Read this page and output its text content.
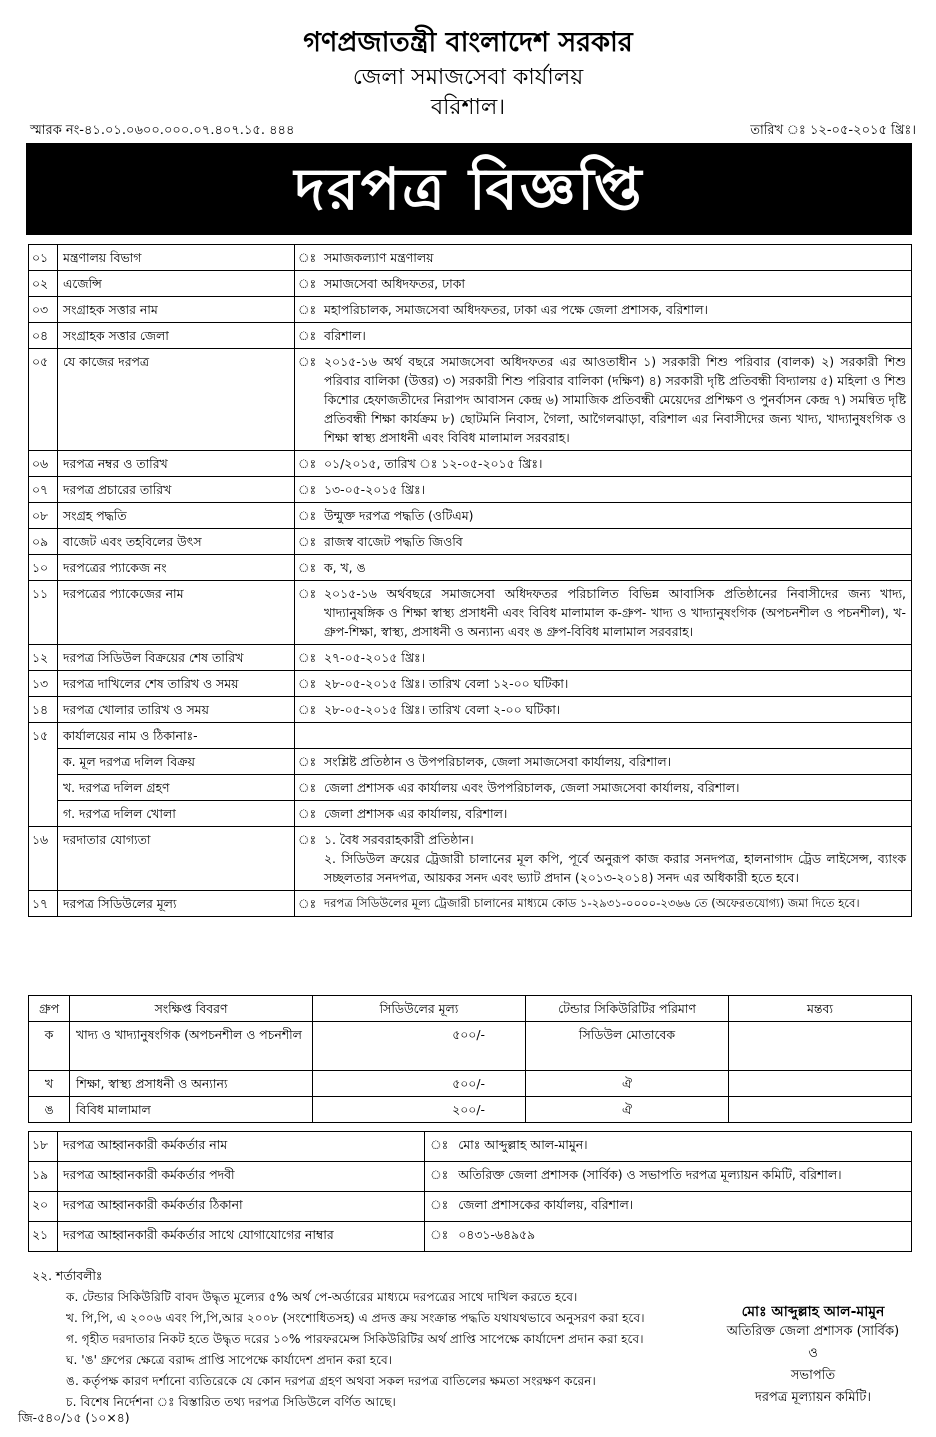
গণপ্রজাতন্ত্রী বাংলাদেশ সরকার
জেলা সমাজসেবা কার্যালয়
বরিশাল।
স্মারক নং-৪১.০১.০৬০০.০০০.০৭.৪০৭.১৫. ৪৪৪	তারিখ ঃ ১২-০৫-২০১৫ খ্রিঃ।
দরপত্র বিজ্ঞপ্তি
০১	মন্ত্রণালয় বিভাগ	ঃ	সমাজকল্যাণ মন্ত্রণালয়
০২	এজেন্সি	ঃ	সমাজসেবা অধিদফতর, ঢাকা
০৩	সংগ্রাহক সত্তার নাম	ঃ	মহাপরিচালক, সমাজসেবা অধিদফতর, ঢাকা এর পক্ষে জেলা প্রশাসক, বরিশাল।
০৪	সংগ্রাহক সত্তার জেলা	ঃ	বরিশাল।
০৫	যে কাজের দরপত্র	ঃ	২০১৫-১৬ অর্থ বছরে সমাজসেবা অধিদফতর এর আওতাধীন ১) সরকারী শিশু পরিবার (বালক) ২) সরকারী শিশু পরিবার বালিকা (উত্তর) ৩) সরকারী শিশু পরিবার বালিকা (দক্ষিণ) ৪) সরকারী দৃষ্টি প্রতিবন্ধী বিদ্যালয় ৫) মহিলা ও শিশু কিশোর হেফাজতীদের নিরাপদ আবাসন কেন্দ্র ৬) সামাজিক প্রতিবন্ধী মেয়েদের প্রশিক্ষণ ও পুনর্বাসন কেন্দ্র ৭) সমন্বিত দৃষ্টি প্রতিবন্ধী শিক্ষা কার্যক্রম ৮) ছোটমনি নিবাস, গৈলা, আগৈলঝাড়া, বরিশাল এর নিবাসীদের জন্য খাদ্য, খাদ্যানুষংগিক ও শিক্ষা স্বাস্থ্য প্রসাধনী এবং বিবিধ মালামাল সরবরাহ।
০৬	দরপত্র নম্বর ও তারিখ	ঃ	০১/২০১৫, তারিখ ঃ ১২-০৫-২০১৫ খ্রিঃ।
০৭	দরপত্র প্রচারের তারিখ	ঃ	১৩-০৫-২০১৫ খ্রিঃ।
০৮	সংগ্রহ পদ্ধতি	ঃ	উন্মুক্ত দরপত্র পদ্ধতি (ওটিএম)
০৯	বাজেট এবং তহবিলের উৎস	ঃ	রাজস্ব বাজেট পদ্ধতি জিওবি
১০	দরপত্রের প্যাকেজ নং	ঃ	ক, খ, ঙ
১১	দরপত্রের প্যাকেজের নাম	ঃ	২০১৫-১৬ অর্থবছরে সমাজসেবা অধিদফতর পরিচালিত বিভিন্ন আবাসিক প্রতিষ্ঠানের নিবাসীদের জন্য খাদ্য, খাদ্যানুষঙ্গিক ও শিক্ষা স্বাস্থ্য প্রসাধনী এবং বিবিধ মালামাল ক-গ্রুপ- খাদ্য ও খাদ্যানুষংগিক (অপচনশীল ও পচনশীল), খ-গ্রুপ-শিক্ষা, স্বাস্থ্য, প্রসাধনী ও অন্যান্য এবং ঙ গ্রুপ-বিবিধ মালামাল সরবরাহ।
১২	দরপত্র সিডিউল বিক্রয়ের শেষ তারিখ	ঃ	২৭-০৫-২০১৫ খ্রিঃ।
১৩	দরপত্র দাখিলের শেষ তারিখ ও সময়	ঃ	২৮-০৫-২০১৫ খ্রিঃ। তারিখ বেলা ১২-০০ ঘটিকা।
১৪	দরপত্র খোলার তারিখ ও সময়	ঃ	২৮-০৫-২০১৫ খ্রিঃ। তারিখ বেলা ২-০০ ঘটিকা।
১৫	কার্যালয়ের নাম ও ঠিকানাঃ-		
	ক. মূল দরপত্র দলিল বিক্রয়	ঃ	সংশ্লিষ্ট প্রতিষ্ঠান ও উপপরিচালক, জেলা সমাজসেবা কার্যালয়, বরিশাল।
	খ. দরপত্র দলিল গ্রহণ	ঃ	জেলা প্রশাসক এর কার্যালয় এবং উপপরিচালক, জেলা সমাজসেবা কার্যালয়, বরিশাল।
	গ. দরপত্র দলিল খোলা	ঃ	জেলা প্রশাসক এর কার্যালয়, বরিশাল।
১৬	দরদাতার যোগ্যতা	ঃ	১. বৈধ সরবরাহকারী প্রতিষ্ঠান।
২. সিডিউল ক্রয়ের ট্রেজারী চালানের মূল কপি, পূর্বে অনুরূপ কাজ করার সনদপত্র, হালনাগাদ ট্রেড লাইসেন্স, ব্যাংক সচ্ছলতার সনদপত্র, আয়কর সনদ এবং ভ্যাট প্রদান (২০১৩-২০১৪) সনদ এর অধিকারী হতে হবে।

১৭	দরপত্র সিডিউলের মূল্য	ঃ	দরপত্র সিডিউলের মূল্য ট্রেজারী চালানের মাধ্যমে কোড ১-২৯৩১-০০০০-২৩৬৬ তে (অফেরতযোগ্য) জমা দিতে হবে।
গ্রুপ	সংক্ষিপ্ত বিবরণ	সিডিউলের মূল্য	টেন্ডার সিকিউরিটির পরিমাণ	মন্তব্য
ক	খাদ্য ও খাদ্যানুষংগিক (অপচনশীল ও পচনশীল	৫০০/-	সিডিউল মোতাবেক	
খ	শিক্ষা, স্বাস্থ্য প্রসাধনী ও অন্যান্য	৫০০/-	ঐ	
ঙ	বিবিধ মালামাল	২০০/-	ঐ	
১৮	দরপত্র আহ্বানকারী কর্মকর্তার নাম	ঃ	মোঃ আব্দুল্লাহ আল-মামুন।
১৯	দরপত্র আহ্বানকারী কর্মকর্তার পদবী	ঃ	অতিরিক্ত জেলা প্রশাসক (সার্বিক) ও সভাপতি দরপত্র মূল্যায়ন কমিটি, বরিশাল।
২০	দরপত্র আহ্বানকারী কর্মকর্তার ঠিকানা	ঃ	জেলা প্রশাসকের কার্যালয়, বরিশাল।
২১	দরপত্র আহ্বানকারী কর্মকর্তার সাথে যোগাযোগের নাম্বার	ঃ	০৪৩১-৬৪৯৫৯
২২. শর্তাবলীঃ
ক. টেন্ডার সিকিউরিটি বাবদ উদ্ধৃত মূল্যের ৫% অর্থ পে-অর্ডারের মাধ্যমে দরপত্রের সাথে দাখিল করতে হবে।
খ. পি,পি, এ ২০০৬ এবং পি,পি,আর ২০০৮ (সংশোধিতসহ) এ প্রদত্ত ক্রয় সংক্রান্ত পদ্ধতি যথাযথভাবে অনুসরণ করা হবে।
গ. গৃহীত দরদাতার নিকট হতে উদ্ধৃত দরের ১০% পারফরমেন্স সিকিউরিটির অর্থ প্রাপ্তি সাপেক্ষে কার্যাদেশ প্রদান করা হবে।
ঘ. 'ঙ' গ্রুপের ক্ষেত্রে বরাদ্দ প্রাপ্তি সাপেক্ষে কার্যাদেশ প্রদান করা হবে।
ঙ. কর্তৃপক্ষ কারণ দর্শানো ব্যতিরেকে যে কোন দরপত্র গ্রহণ অথবা সকল দরপত্র বাতিলের ক্ষমতা সংরক্ষণ করেন।
চ. বিশেষ নির্দেশনা ঃ বিস্তারিত তথ্য দরপত্র সিডিউলে বর্ণিত আছে।
মোঃ আব্দুল্লাহ আল-মামুন
অতিরিক্ত জেলা প্রশাসক (সার্বিক)
ও
সভাপতি
দরপত্র মূল্যায়ন কমিটি।
জি-৫৪০/১৫ (১০×৪)
